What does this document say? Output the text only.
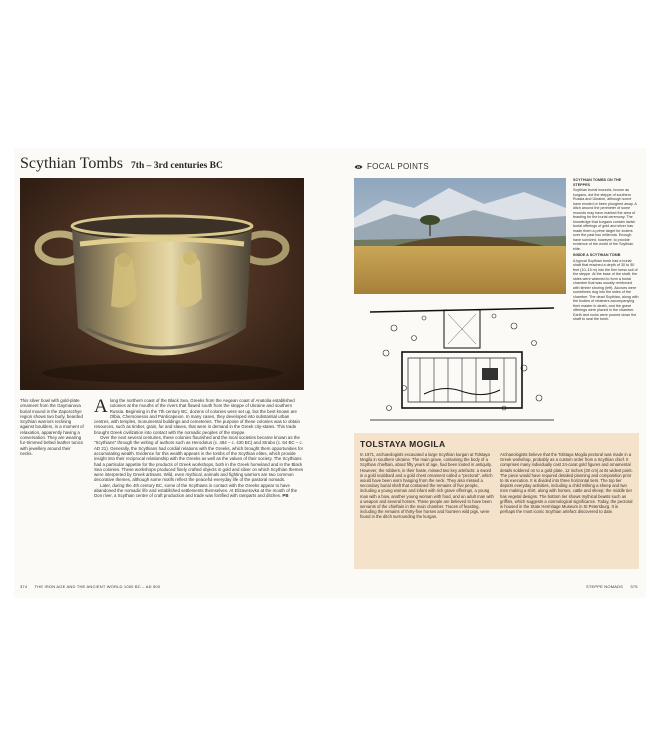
Scythian Tombs 7th – 3rd centuries BC
This silver bowl with gold-plate ornament from the Gaymanova burial mound in the Zaporozhye region shows two burly, bearded Scythian warriors reclining against boulders, in a moment of relaxation, apparently having a conversation. They are wearing fur-trimmed belted leather tunics with jewellery around their necks.

Along the northern coast of the Black Sea, Greeks from the Aegean coast of Anatolia established colonies at the mouths of the rivers that flowed south from the steppe of Ukraine and southern Russia. Beginning in the 7th century BC, dozens of colonies were set up, but the best known are Olbia, Chersonesos and Panticapeion. In many cases, they developed into substantial urban centres, with temples, monumental buildings and cemeteries. The purpose of these colonies was to obtain resources, such as timber, grain, fur and slaves, that were in demand in the Greek city-states. This trade brought Greek civilization into contact with the nomadic peoples of the steppe.

Over the next several centuries, these colonies flourished and the local societies became known as the "Scythians" through the writing of authors such as Herodotus (c. 484 – c. 430 BC) and Strabo (c. 64 BC – c. AD 21). Generally, the Scythians had cordial relations with the Greeks, which brought them opportunities for accumulating wealth. Evidence for this wealth appears in the tombs of the Scythian elites, which provide insight into their reciprocal relationship with the Greeks as well as the values of their society. The Scythians had a particular appetite for the products of Greek workshops, both in the Greek homeland and in the Black Sea colonies. These workshops produced finely crafted objects in gold and silver on which Scythian themes were interpreted by Greek artisans. Wild, even mythical, animals and fighting warriors are two common decorative themes, although some motifs reflect the peaceful everyday life of the pastoral nomads.

Later, during the 4th century BC, some of the Scythians in contact with the Greeks appear to have abandoned the nomadic life and established settlements themselves. At Elizavetovka at the mouth of the Don river, a Scythian centre of craft production and trade was fortified with ramparts and ditches. PB

374 THE IRON AGE AND THE ANCIENT WORLD 1000 BC – AD 500
FOCAL POINTS
SCYTHIAN TOMBS ON THE STEPPES

Scythian burial mounds, known as kurgans, dot the steppe of southern Russia and Ukraine, although some have eroded or been ploughed away. A ditch around the perimeter of some mounds may have marked the area of feasting for the burial ceremony. The knowledge that kurgans contain lavish burial offerings of gold and silver has made them a prime target for looters over the past two millennia. Enough have survived, however, to provide evidence of the world of the Scythian elite.

INSIDE A SCYTHIAN TOMB

A typical Scythian tomb had a burial shaft that reached a depth of 30 to 50 feet (10–15 m) into the firm loess soil of the steppe. At the base of the shaft, the sides were widened to form a burial chamber that was usually reinforced with timber shoring (left). Alcoves were sometimes dug into the sides of the chamber. The dead Scythian, along with the bodies of retainers accompanying their master in death, and the grave offerings were placed in the chamber. Earth and rocks were poured down the shaft to seal the tomb.

TOLSTAYA MOGILA

In 1971, archaeologists excavated a large Scythian kurgan at Tolstaya Mogila in southern Ukraine. The main grave, containing the body of a Scythian chieftain, about fifty years of age, had been looted in antiquity. However, the robbers, in their haste, missed two key artefacts: a sword in a gold scabbard and a gold chest ornament called a "pectoral", which would have been worn hanging from the neck. They also missed a secondary burial shaft that contained the remains of five people, including a young woman and infant with rich grave offerings, a young man with a bow, another young woman with food, and an adult man with a weapon and several horses. These people are believed to have been servants of the chieftain in the main chamber. Traces of feasting, including the remains of thirty-five horses and fourteen wild pigs, were found in the ditch surrounding the kurgan.

Archaeologists believe that the Tolstaya Mogila pectoral was made in a Greek workshop, probably as a custom order from a Scythian chief. It comprises many individually cast 24-carat gold figures and ornamental details soldered on to a gold plate, 12 inches (30 cm) at its widest point. The piece would have required detailed planning and composition prior to its execution. It is divided into three horizontal tiers. The top tier depicts everyday activities, including a child milking a sheep and two men making a shirt, along with horses, cattle and sheep; the middle tier has vegetal designs. The bottom tier shows mythical beasts such as griffins, which suggests a cosmological significance. Today, the pectoral is housed in the State Hermitage Museum in St Petersburg. It is perhaps the most iconic Scythian artefact discovered to date.

STEPPE NOMADS 375
